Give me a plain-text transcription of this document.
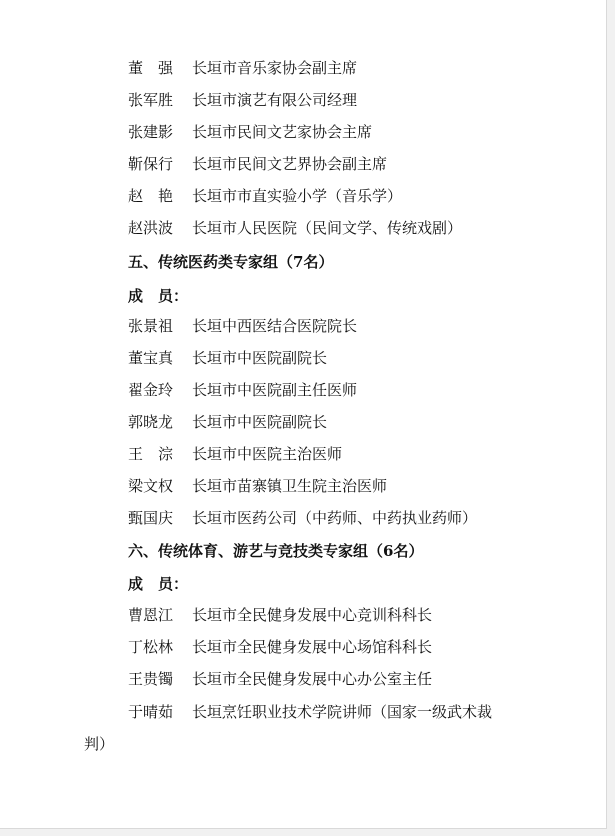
董　强 长垣市音乐家协会副主席
张军胜 长垣市演艺有限公司经理
张建影 长垣市民间文艺家协会主席
靳保行 长垣市民间文艺界协会副主席
赵　艳 长垣市市直实验小学（音乐学）
赵洪波 长垣市人民医院（民间文学、传统戏剧）
五、传统医药类专家组（7名）
成　员：
张景祖 长垣中西医结合医院院长
董宝真 长垣市中医院副院长
翟金玲 长垣市中医院副主任医师
郭晓龙 长垣市中医院副院长
王　淙 长垣市中医院主治医师
梁文权 长垣市苗寨镇卫生院主治医师
甄国庆 长垣市医药公司（中药师、中药执业药师）
六、传统体育、游艺与竞技类专家组（6名）
成　员：
曹恩江 长垣市全民健身发展中心竞训科科长
丁松林 长垣市全民健身发展中心场馆科科长
王贵镯 长垣市全民健身发展中心办公室主任
于晴茹 长垣烹饪职业技术学院讲师（国家一级武术裁
判）
